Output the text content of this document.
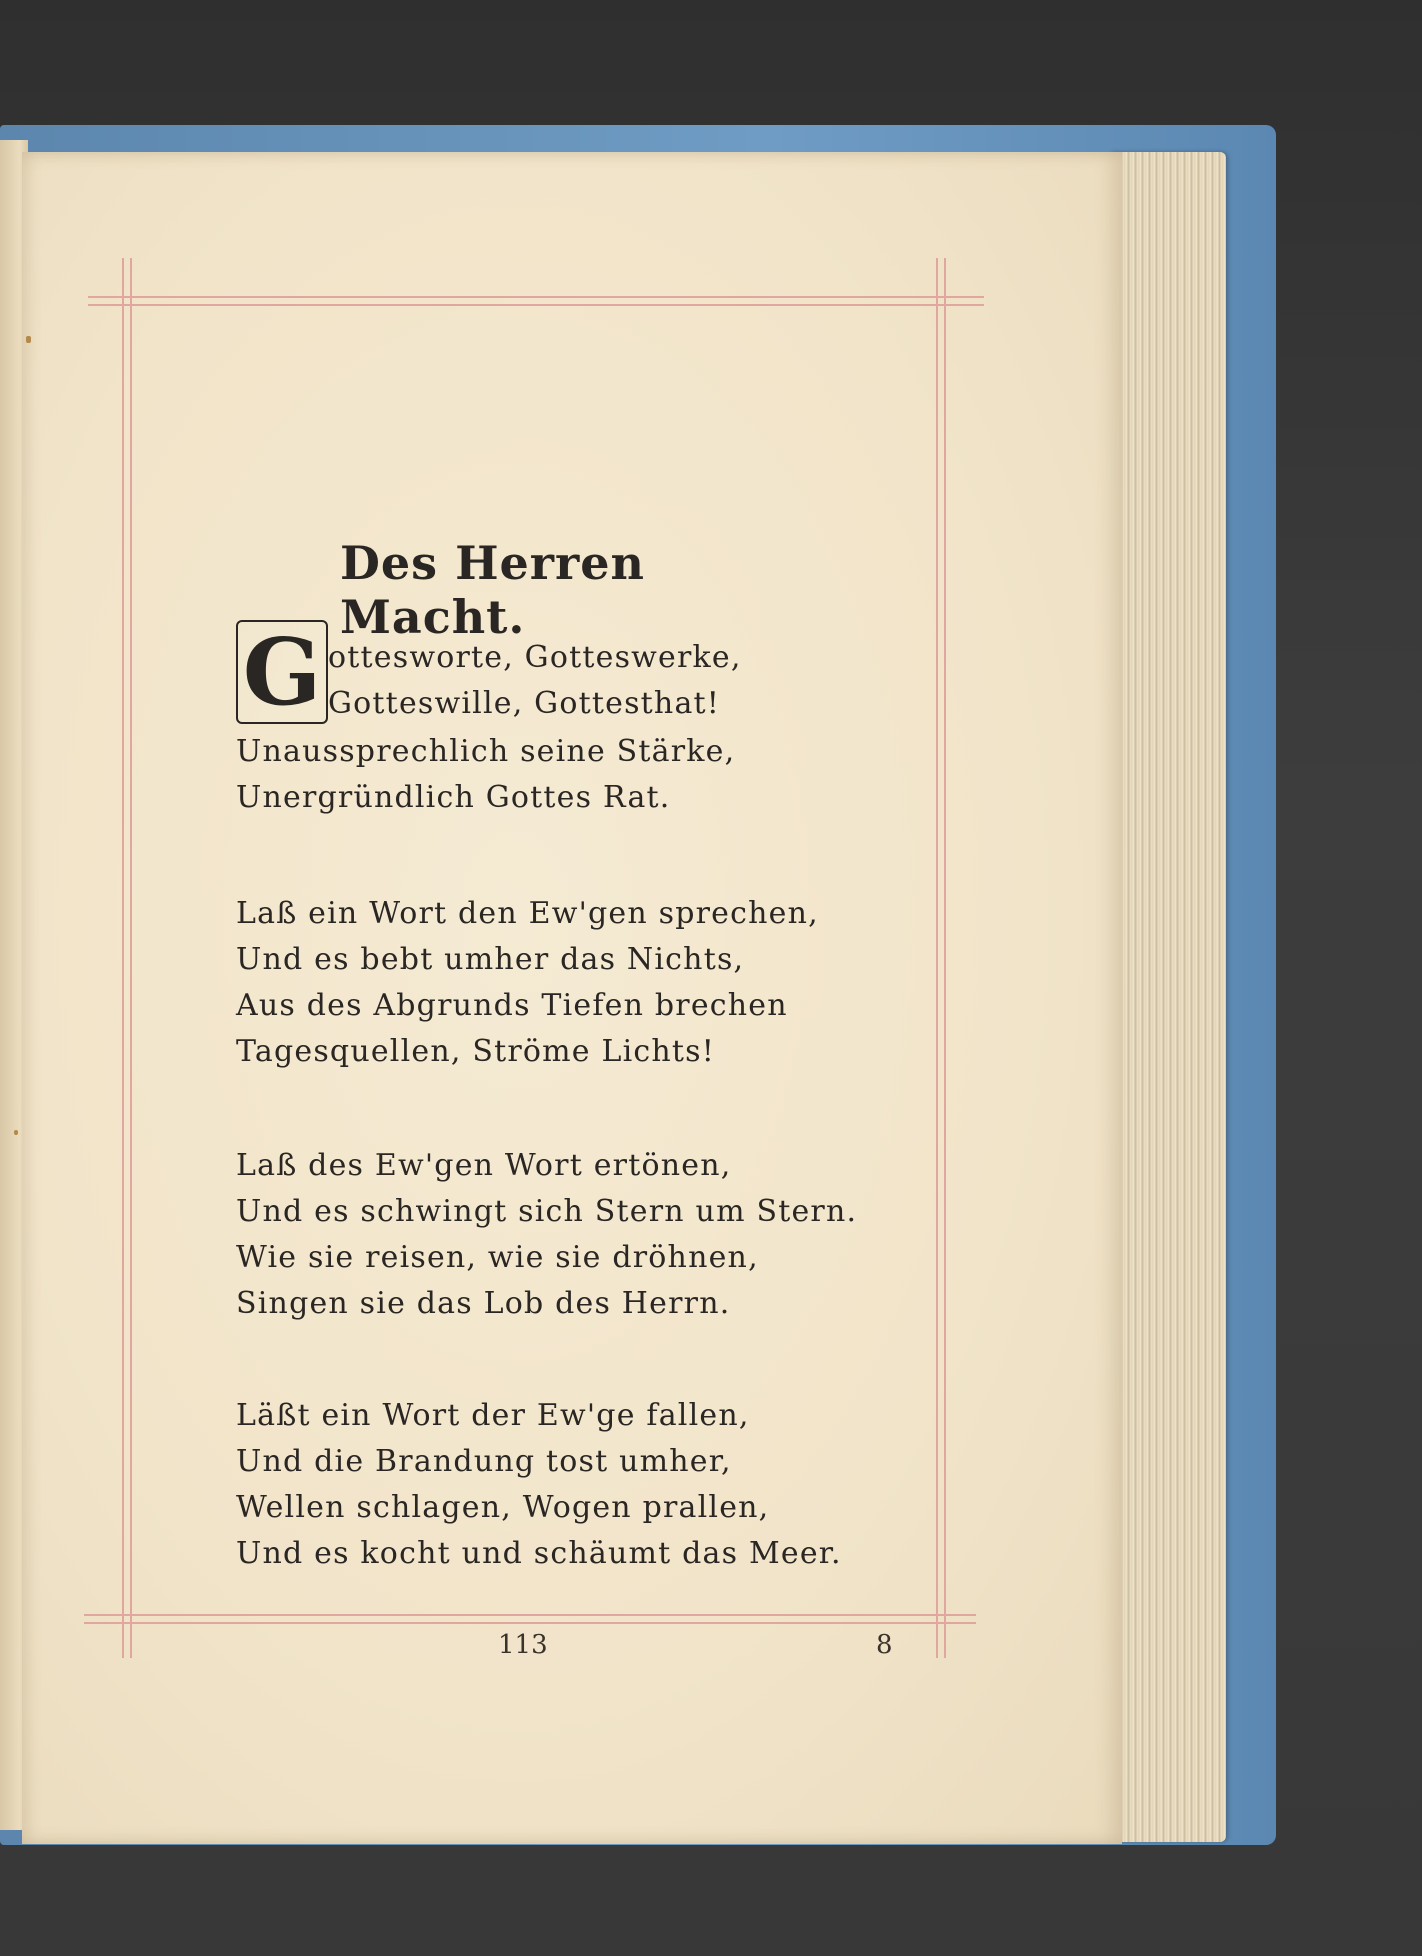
Des Herren Macht.
G otteswortе, Gotteswerke,
Gotteswille, Gottesthat!
Unaussprechlich seine Stärke,
Unergründlich Gottes Rat.
Laß ein Wort den Ew'gen sprechen,
Und es bebt umher das Nichts,
Aus des Abgrunds Tiefen brechen
Tagesquellen, Ströme Lichts!
Laß des Ew'gen Wort ertönen,
Und es schwingt sich Stern um Stern.
Wie sie reisen, wie sie dröhnen,
Singen sie das Lob des Herrn.
Läßt ein Wort der Ew'ge fallen,
Und die Brandung tost umher,
Wellen schlagen, Wogen prallen,
Und es kocht und schäumt das Meer.
113	8
